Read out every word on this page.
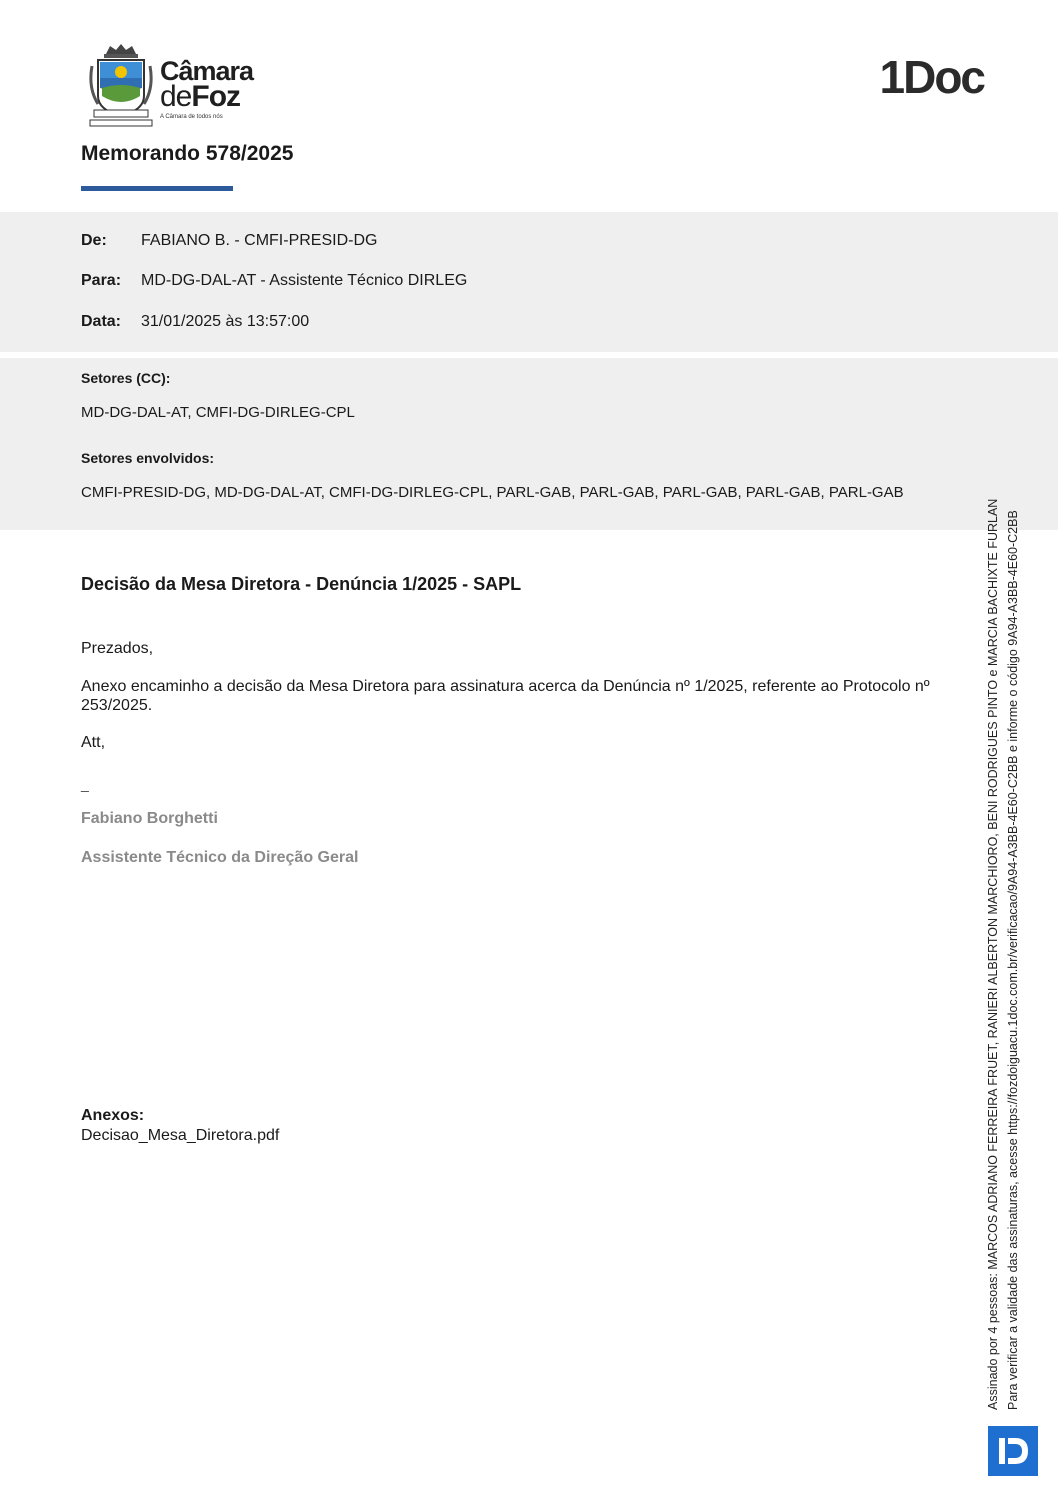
Câmara
deFoz
A Câmara de todos nós
1Doc
Memorando 578/2025
De: FABIANO B. - CMFI-PRESID-DG
Para: MD-DG-DAL-AT - Assistente Técnico DIRLEG
Data: 31/01/2025 às 13:57:00
Setores (CC):
MD-DG-DAL-AT, CMFI-DG-DIRLEG-CPL
Setores envolvidos:
CMFI-PRESID-DG, MD-DG-DAL-AT, CMFI-DG-DIRLEG-CPL, PARL-GAB, PARL-GAB, PARL-GAB, PARL-GAB, PARL-GAB
Decisão da Mesa Diretora - Denúncia 1/2025 - SAPL
Prezados,
Anexo encaminho a decisão da Mesa Diretora para assinatura acerca da Denúncia nº 1/2025, referente ao Protocolo nº 253/2025.
Att,
_
Fabiano Borghetti
Assistente Técnico da Direção Geral
Anexos:
Decisao_Mesa_Diretora.pdf	Assinado por 4 pessoas: MARCOS ADRIANO FERREIRA FRUET, RANIERI ALBERTON MARCHIORO, BENI RODRIGUES PINTO e MARCIA BACHIXTE FURLAN Para verificar a validade das assinaturas, acesse https://fozdoiguacu.1doc.com.br/verificacao/9A94-A3BB-4E60-C2BB e informe o código 9A94-A3BB-4E60-C2BB
